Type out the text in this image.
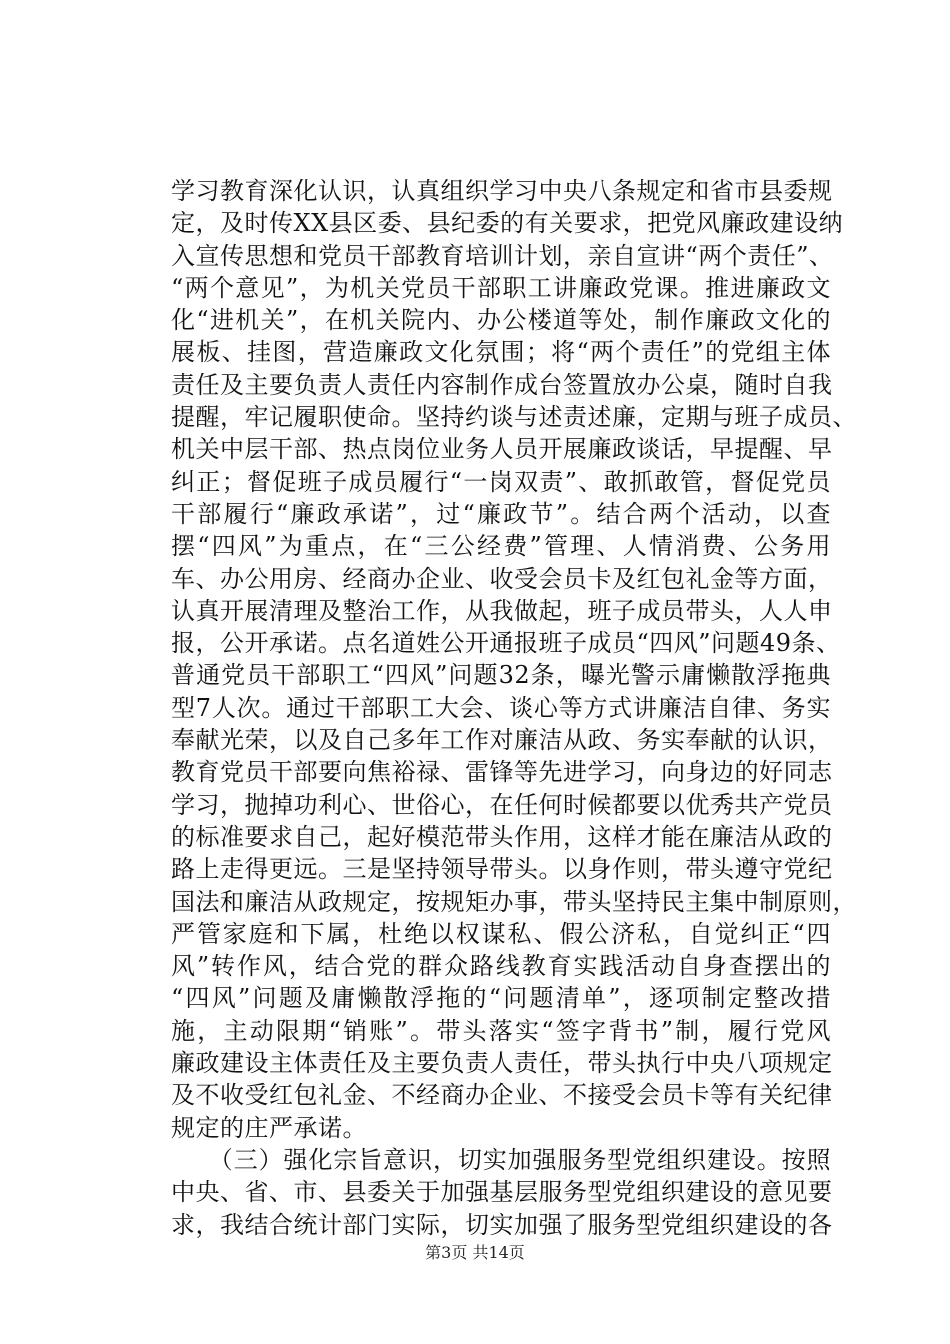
学习教育深化认识，认真组织学习中央八条规定和省市县委规
定，及时传XX县区委、县纪委的有关要求，把党风廉政建设纳
入宣传思想和党员干部教育培训计划，亲自宣讲“两个责任”、
“两个意见”，为机关党员干部职工讲廉政党课。推进廉政文
化“进机关”，在机关院内、办公楼道等处，制作廉政文化的
展板、挂图，营造廉政文化氛围；将“两个责任”的党组主体
责任及主要负责人责任内容制作成台签置放办公桌，随时自我
提醒，牢记履职使命。坚持约谈与述责述廉，定期与班子成员、
机关中层干部、热点岗位业务人员开展廉政谈话，早提醒、早
纠正；督促班子成员履行“一岗双责”、敢抓敢管，督促党员
干部履行“廉政承诺”，过“廉政节”。结合两个活动，以查
摆“四风”为重点，在“三公经费”管理、人情消费、公务用
车、办公用房、经商办企业、收受会员卡及红包礼金等方面，
认真开展清理及整治工作，从我做起，班子成员带头，人人申
报，公开承诺。点名道姓公开通报班子成员“四风”问题49条、
普通党员干部职工“四风”问题32条，曝光警示庸懒散浮拖典
型7人次。通过干部职工大会、谈心等方式讲廉洁自律、务实
奉献光荣，以及自己多年工作对廉洁从政、务实奉献的认识，
教育党员干部要向焦裕禄、雷锋等先进学习，向身边的好同志
学习，抛掉功利心、世俗心，在任何时候都要以优秀共产党员
的标准要求自己，起好模范带头作用，这样才能在廉洁从政的
路上走得更远。三是坚持领导带头。以身作则，带头遵守党纪
国法和廉洁从政规定，按规矩办事，带头坚持民主集中制原则，
严管家庭和下属，杜绝以权谋私、假公济私，自觉纠正“四
风”转作风，结合党的群众路线教育实践活动自身查摆出的
“四风”问题及庸懒散浮拖的“问题清单”，逐项制定整改措
施，主动限期“销账”。带头落实“签字背书”制，履行党风
廉政建设主体责任及主要负责人责任，带头执行中央八项规定
及不收受红包礼金、不经商办企业、不接受会员卡等有关纪律
规定的庄严承诺。
　　（三）强化宗旨意识，切实加强服务型党组织建设。按照
中央、省、市、县委关于加强基层服务型党组织建设的意见要
求，我结合统计部门实际，切实加强了服务型党组织建设的各
第3页 共14页
